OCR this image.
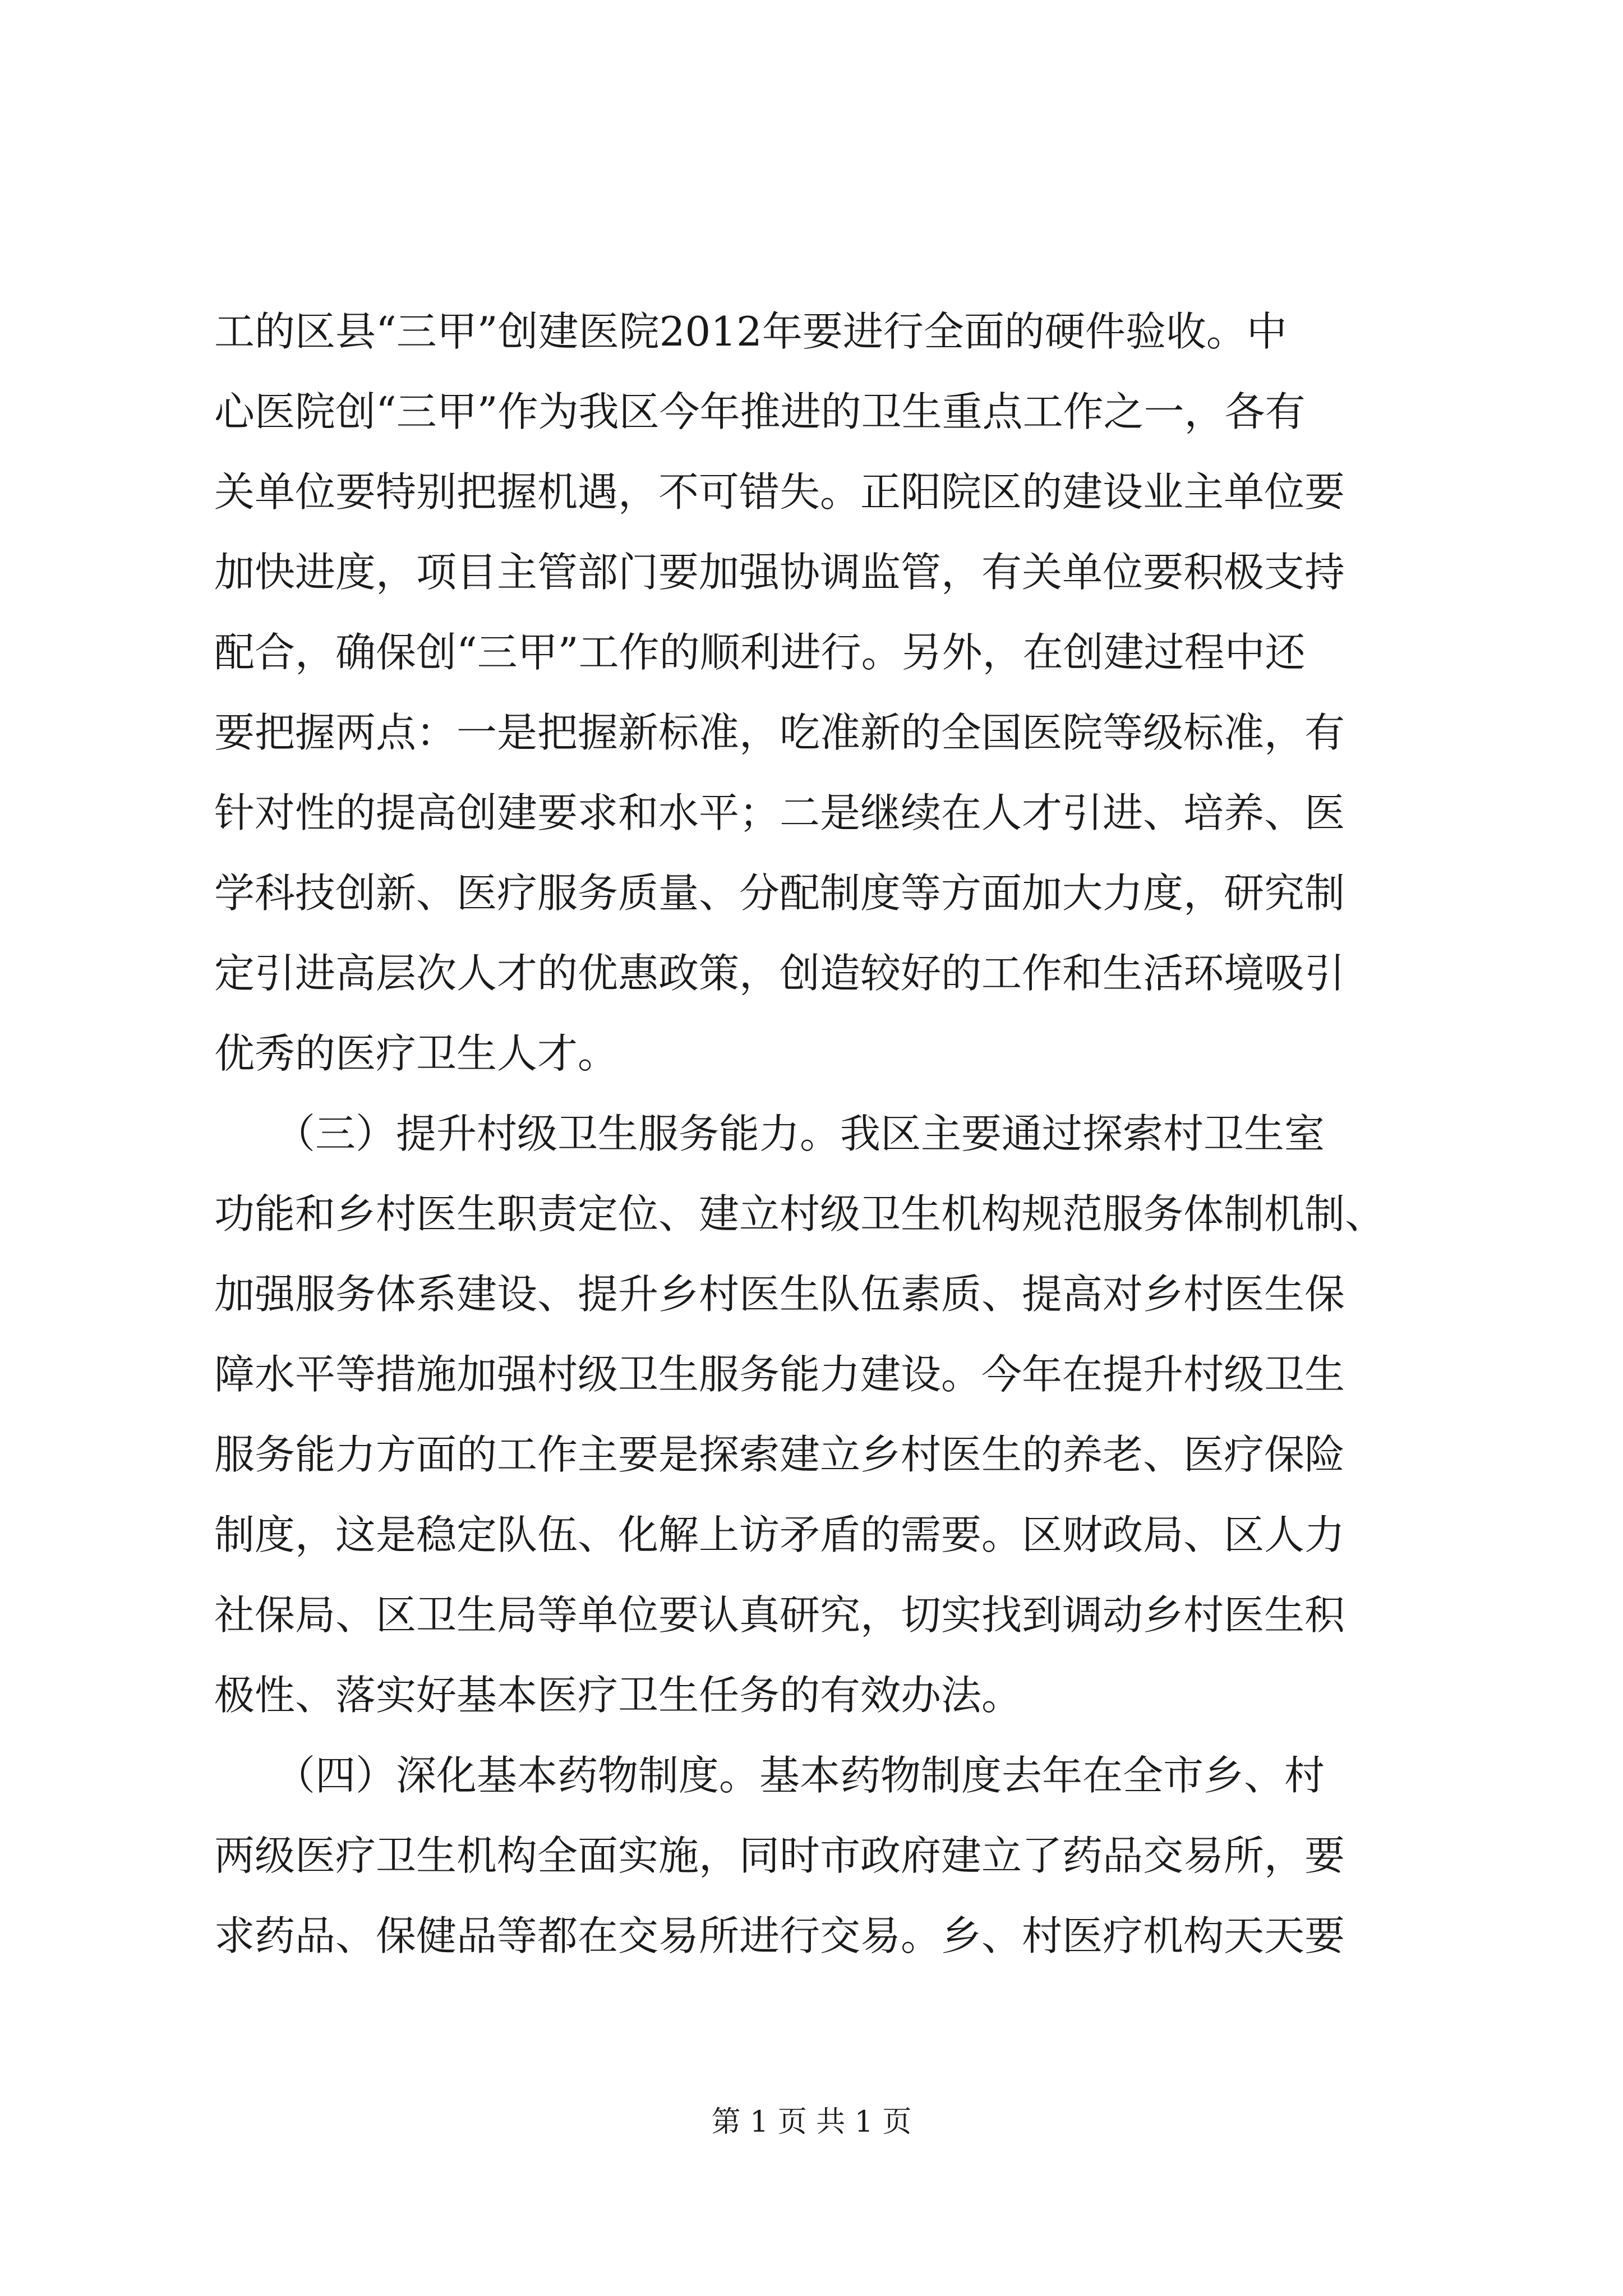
工的区县“三甲”创建医院2012年要进行全面的硬件验收。中
心医院创“三甲”作为我区今年推进的卫生重点工作之一，各有
关单位要特别把握机遇，不可错失。正阳院区的建设业主单位要
加快进度，项目主管部门要加强协调监管，有关单位要积极支持
配合，确保创“三甲”工作的顺利进行。另外，在创建过程中还
要把握两点：一是把握新标准，吃准新的全国医院等级标准，有
针对性的提高创建要求和水平；二是继续在人才引进、培养、医
学科技创新、医疗服务质量、分配制度等方面加大力度，研究制
定引进高层次人才的优惠政策，创造较好的工作和生活环境吸引
优秀的医疗卫生人才。
　　（三）提升村级卫生服务能力。我区主要通过探索村卫生室
功能和乡村医生职责定位、建立村级卫生机构规范服务体制机制、
加强服务体系建设、提升乡村医生队伍素质、提高对乡村医生保
障水平等措施加强村级卫生服务能力建设。今年在提升村级卫生
服务能力方面的工作主要是探索建立乡村医生的养老、医疗保险
制度，这是稳定队伍、化解上访矛盾的需要。区财政局、区人力
社保局、区卫生局等单位要认真研究，切实找到调动乡村医生积
极性、落实好基本医疗卫生任务的有效办法。
　　（四）深化基本药物制度。基本药物制度去年在全市乡、村
两级医疗卫生机构全面实施，同时市政府建立了药品交易所，要
求药品、保健品等都在交易所进行交易。乡、村医疗机构天天要
第 1 页 共 1 页
